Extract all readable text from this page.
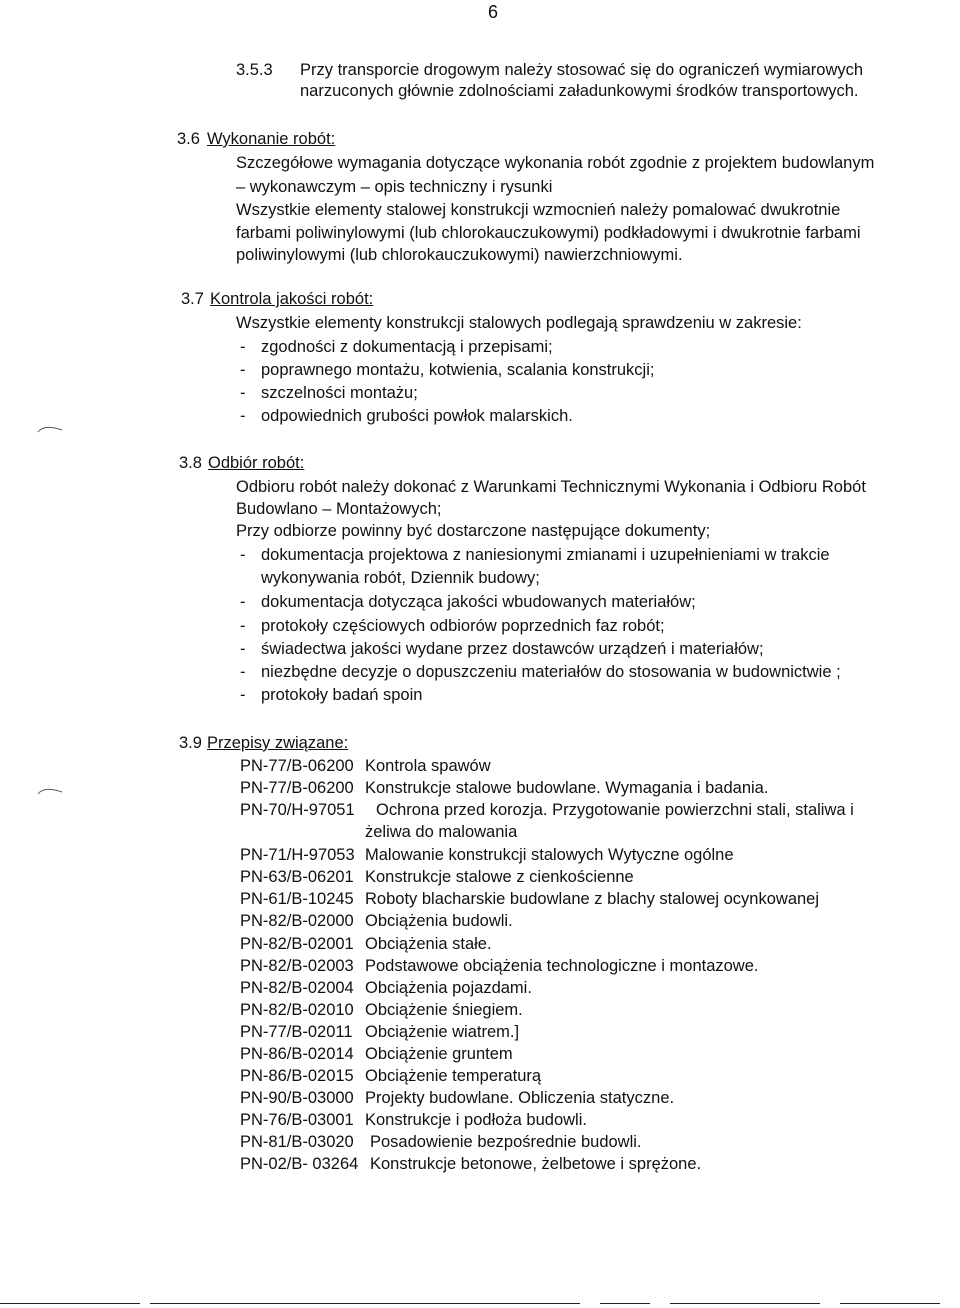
6
3.5.3 Przy transporcie drogowym należy stosować się do ograniczeń wymiarowych
narzuconych głównie zdolnościami załadunkowymi środków transportowych.
3.6 Wykonanie robót:
Szczegółowe wymagania dotyczące wykonania robót zgodnie z projektem budowlanym
– wykonawczym – opis techniczny i rysunki
Wszystkie elementy stalowej konstrukcji wzmocnień należy pomalować dwukrotnie
farbami poliwinylowymi (lub chlorokauczukowymi) podkładowymi i dwukrotnie farbami
poliwinylowymi (lub chlorokauczukowymi) nawierzchniowymi.
3.7 Kontrola jakości robót:
Wszystkie elementy konstrukcji stalowych podlegają sprawdzeniu w zakresie:
- zgodności z dokumentacją i przepisami;
- poprawnego montażu, kotwienia, scalania konstrukcji;
- szczelności montażu;
- odpowiednich grubości powłok malarskich.
3.8 Odbiór robót:
Odbioru robót należy dokonać z Warunkami Technicznymi Wykonania i Odbioru Robót
Budowlano – Montażowych;
Przy odbiorze powinny być dostarczone następujące dokumenty;
- dokumentacja projektowa z naniesionymi zmianami i uzupełnieniami w trakcie
wykonywania robót, Dziennik budowy;
- dokumentacja dotycząca jakości wbudowanych materiałów;
- protokoły częściowych odbiorów poprzednich faz robót;
- świadectwa jakości wydane przez dostawców urządzeń i materiałów;
- niezbędne decyzje o dopuszczeniu materiałów do stosowania w budownictwie ;
- protokoły badań spoin
3.9 Przepisy związane:
PN-77/B-06200 Kontrola spawów
PN-77/B-06200 Konstrukcje stalowe budowlane. Wymagania i badania.
PN-70/H-97051 Ochrona przed korozja. Przygotowanie powierzchni stali, staliwa i
żeliwa do malowania
PN-71/H-97053 Malowanie konstrukcji stalowych Wytyczne ogólne
PN-63/B-06201 Konstrukcje stalowe z cienkościenne
PN-61/B-10245 Roboty blacharskie budowlane z blachy stalowej ocynkowanej
PN-82/B-02000 Obciążenia budowli.
PN-82/B-02001 Obciążenia stałe.
PN-82/B-02003 Podstawowe obciążenia technologiczne i montazowe.
PN-82/B-02004 Obciążenia pojazdami.
PN-82/B-02010 Obciążenie śniegiem.
PN-77/B-02011 Obciążenie wiatrem.]
PN-86/B-02014 Obciążenie gruntem
PN-86/B-02015 Obciążenie temperaturą
PN-90/B-03000 Projekty budowlane. Obliczenia statyczne.
PN-76/B-03001 Konstrukcje i podłoża budowli.
PN-81/B-03020 Posadowienie bezpośrednie budowli.
PN-02/B- 03264 Konstrukcje betonowe, żelbetowe i sprężone.
